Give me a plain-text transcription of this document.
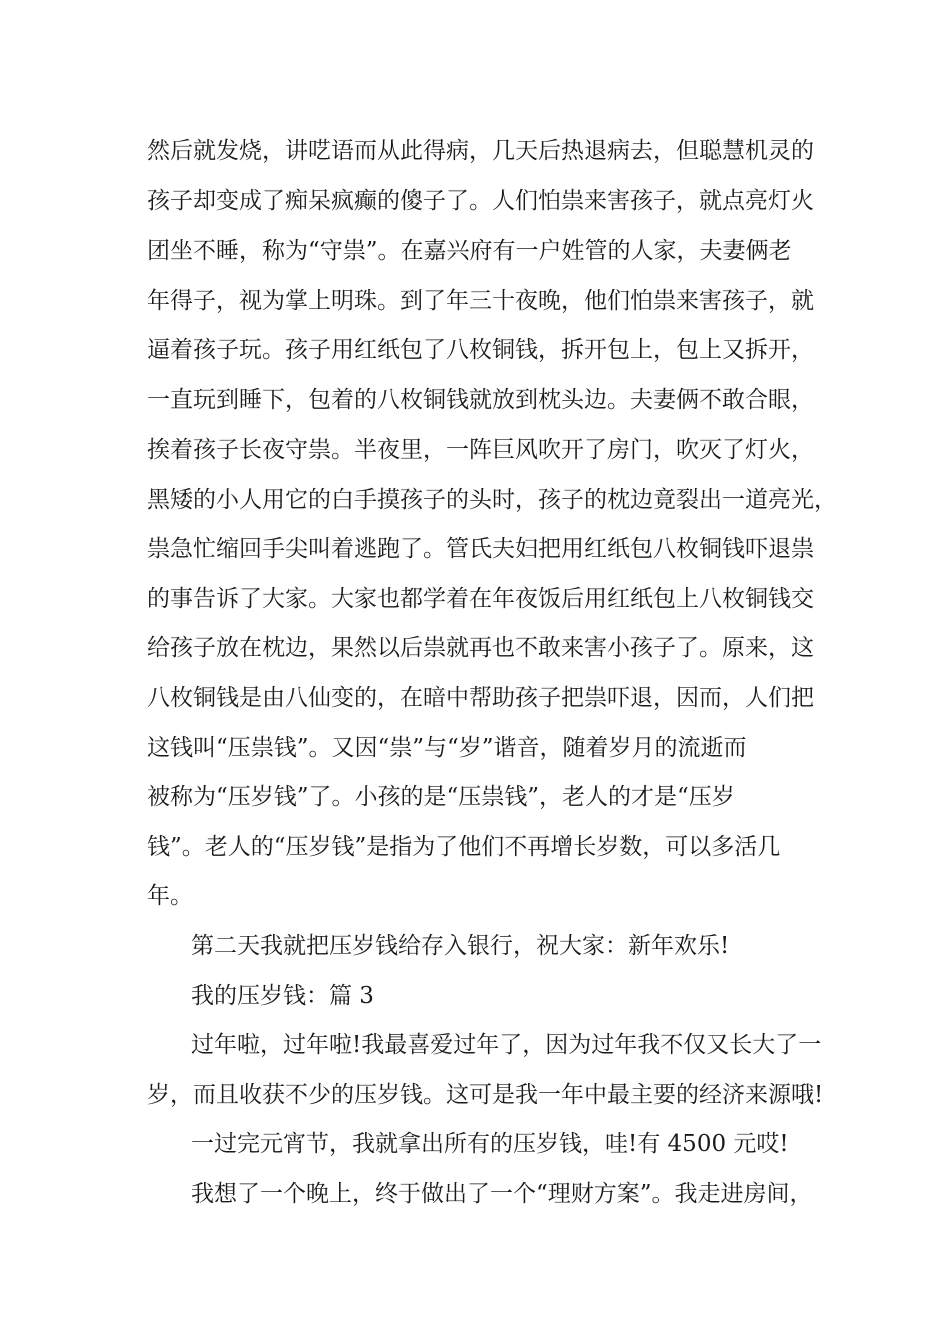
然后就发烧，讲呓语而从此得病，几天后热退病去，但聪慧机灵的
孩子却变成了痴呆疯癫的傻子了。人们怕祟来害孩子，就点亮灯火
团坐不睡，称为“守祟”。在嘉兴府有一户姓管的人家，夫妻俩老
年得子，视为掌上明珠。到了年三十夜晚，他们怕祟来害孩子，就
逼着孩子玩。孩子用红纸包了八枚铜钱，拆开包上，包上又拆开，
一直玩到睡下，包着的八枚铜钱就放到枕头边。夫妻俩不敢合眼，
挨着孩子长夜守祟。半夜里，一阵巨风吹开了房门，吹灭了灯火，
黑矮的小人用它的白手摸孩子的头时，孩子的枕边竟裂出一道亮光，
祟急忙缩回手尖叫着逃跑了。管氏夫妇把用红纸包八枚铜钱吓退祟
的事告诉了大家。大家也都学着在年夜饭后用红纸包上八枚铜钱交
给孩子放在枕边，果然以后祟就再也不敢来害小孩子了。原来，这
八枚铜钱是由八仙变的，在暗中帮助孩子把祟吓退，因而，人们把
这钱叫“压祟钱”。又因“祟”与“岁”谐音，随着岁月的流逝而
被称为“压岁钱”了。小孩的是“压祟钱”，老人的才是“压岁
钱”。老人的“压岁钱”是指为了他们不再增长岁数，可以多活几
年。
第二天我就把压岁钱给存入银行，祝大家：新年欢乐!
我的压岁钱：篇 3
过年啦，过年啦!我最喜爱过年了，因为过年我不仅又长大了一
岁，而且收获不少的压岁钱。这可是我一年中最主要的经济来源哦!
一过完元宵节，我就拿出所有的压岁钱，哇!有 4500 元哎!
我想了一个晚上，终于做出了一个“理财方案”。我走进房间，
